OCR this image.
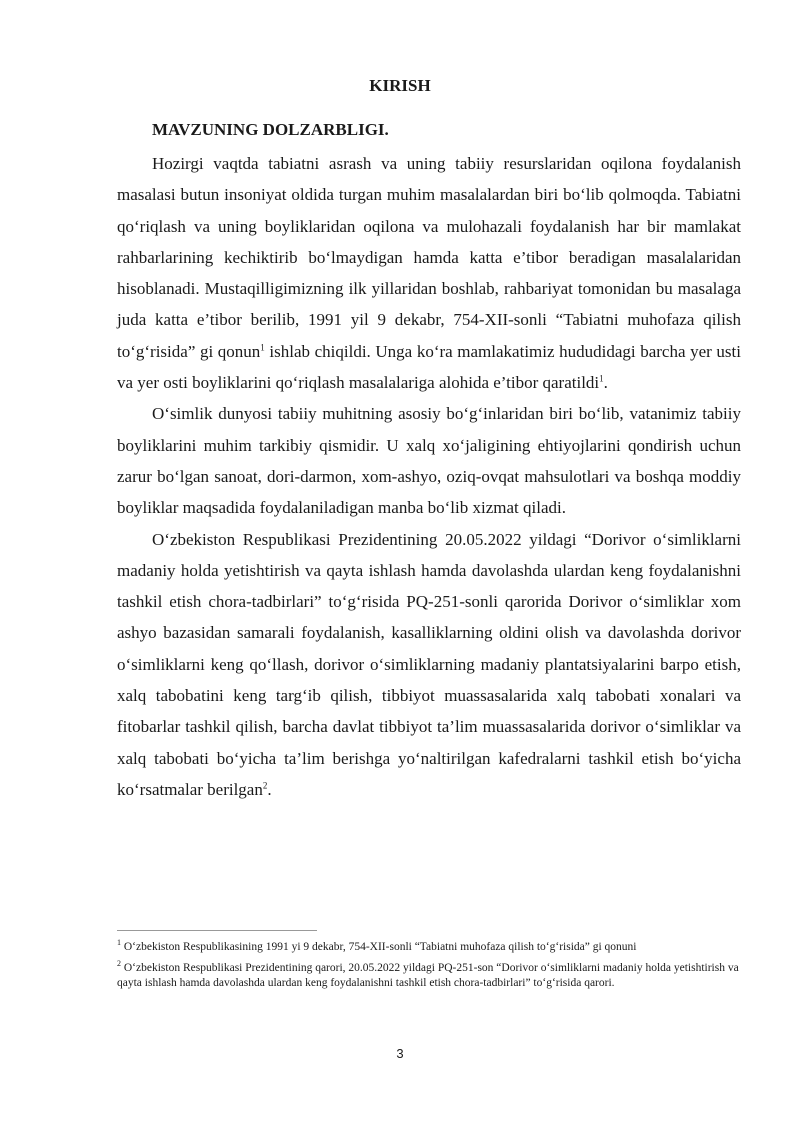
KIRISH
MAVZUNING DOLZARBLIGI.

Hozirgi vaqtda tabiatni asrash va uning tabiiy resurslaridan oqilona foydalanish masalasi butun insoniyat oldida turgan muhim masalalardan biri bo‘lib qolmoqda. Tabiatni qo‘riqlash va uning boyliklaridan oqilona va mulohazali foydalanish har bir mamlakat rahbarlarining kechiktirib bo‘lmaydigan hamda katta e’tibor beradigan masalalaridan hisoblanadi. Mustaqilligimizning ilk yillaridan boshlab, rahbariyat tomonidan bu masalaga juda katta e’tibor berilib, 1991 yil 9 dekabr, 754-XII-sonli “Tabiatni muhofaza qilish to‘g‘risida” gi qonun$^1$ ishlab chiqildi. Unga ko‘ra mamlakatimiz hududidagi barcha yer usti va yer osti boyliklarini qo‘riqlash masalalariga alohida e’tibor qaratildi$^1$.

O‘simlik dunyosi tabiiy muhitning asosiy bo‘g‘inlaridan biri bo‘lib, vatanimiz tabiiy boyliklarini muhim tarkibiy qismidir. U xalq xo‘jaligining ehtiyojlarini qondirish uchun zarur bo‘lgan sanoat, dori-darmon, xom-ashyo, oziq-ovqat mahsulotlari va boshqa moddiy boyliklar maqsadida foydalaniladigan manba bo‘lib xizmat qiladi.

O‘zbekiston Respublikasi Prezidentining 20.05.2022 yildagi “Dorivor o‘simliklarni madaniy holda yetishtirish va qayta ishlash hamda davolashda ulardan keng foydalanishni tashkil etish chora-tadbirlari” to‘g‘risida PQ-251-sonli qarorida Dorivor o‘simliklar xom ashyo bazasidan samarali foydalanish, kasalliklarning oldini olish va davolashda dorivor o‘simliklarni keng qo‘llash, dorivor o‘simliklarning madaniy plantatsiyalarini barpo etish, xalq tabobatini keng targ‘ib qilish, tibbiyot muassasalarida xalq tabobati xonalari va fitobarlar tashkil qilish, barcha davlat tibbiyot ta’lim muassasalarida dorivor o‘simliklar va xalq tabobati bo‘yicha ta’lim berishga yo‘naltirilgan kafedralarni tashkil etish bo‘yicha ko‘rsatmalar berilgan$^2$.

$^1$ O‘zbekiston Respublikasining 1991 yi 9 dekabr, 754-XII-sonli “Tabiatni muhofaza qilish to‘g‘risida” gi qonuni

$^2$ O‘zbekiston Respublikasi Prezidentining qarori, 20.05.2022 yildagi PQ-251-son “Dorivor o‘simliklarni madaniy holda yetishtirish va qayta ishlash hamda davolashda ulardan keng foydalanishni tashkil etish chora-tadbirlari” to‘g‘risida qarori.

3
